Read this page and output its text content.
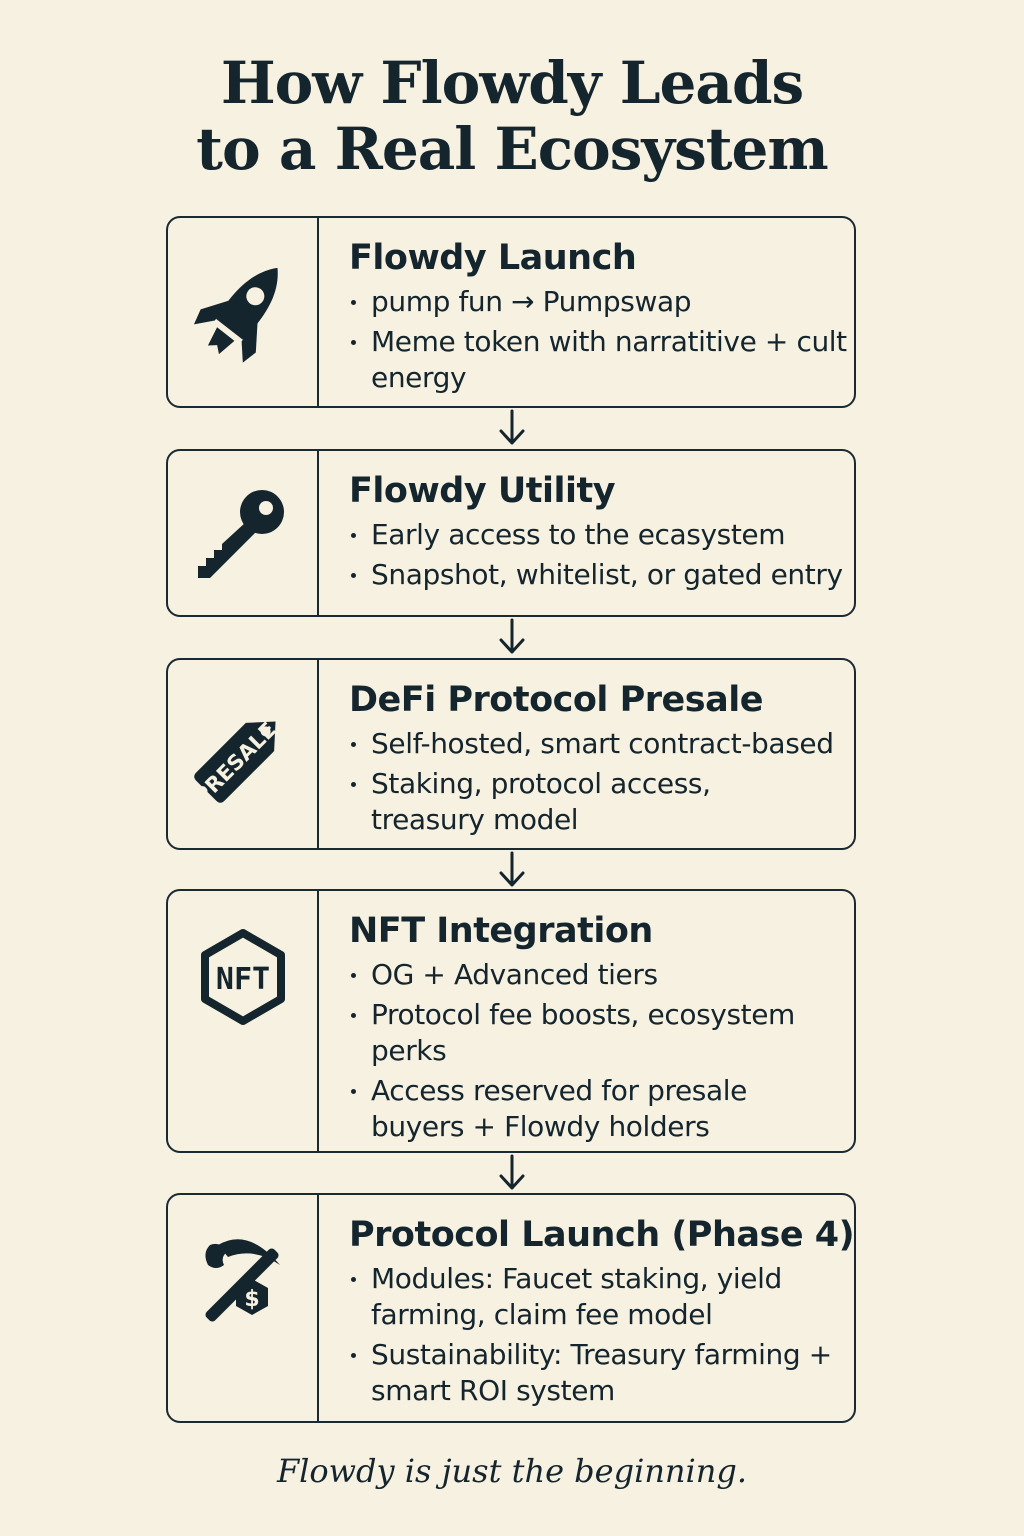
How Flowdy Leads
to a Real Ecosystem
Flowdy Launch
pump fun → Pumpswap
Meme token with narratitive + cult energy
Flowdy Utility
Early access to the ecasystem
Snapshot, whitelist, or gated entry
PRESALE
DeFi Protocol Presale
Self-hosted, smart contract-based
Staking, protocol access, treasury model
NFT
NFT Integration
OG + Advanced tiers
Protocol fee boosts, ecosystem perks
Access reserved for presale buyers + Flowdy holders
$
Protocol Launch (Phase 4)
Modules: Faucet staking, yield farming, claim fee model
Sustainability: Treasury farming + smart ROI system
Flowdy is just the beginning.
